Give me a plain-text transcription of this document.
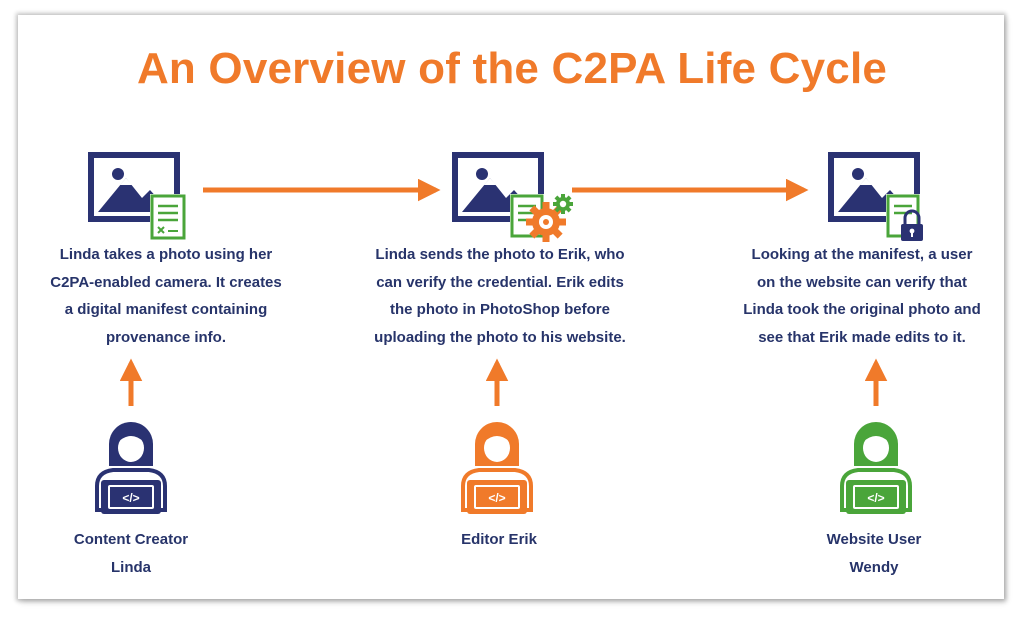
An Overview of the C2PA Life Cycle
</>	</>	</>
Linda takes a photo using her
C2PA-enabled camera. It creates
a digital manifest containing
provenance info.
Linda sends the photo to Erik, who
can verify the credential. Erik edits
the photo in PhotoShop before
uploading the photo to his website.
Looking at the manifest, a user
on the website can verify that
Linda took the original photo and
see that Erik made edits to it.
Content Creator
Linda
Editor Erik	Website User
Wendy
